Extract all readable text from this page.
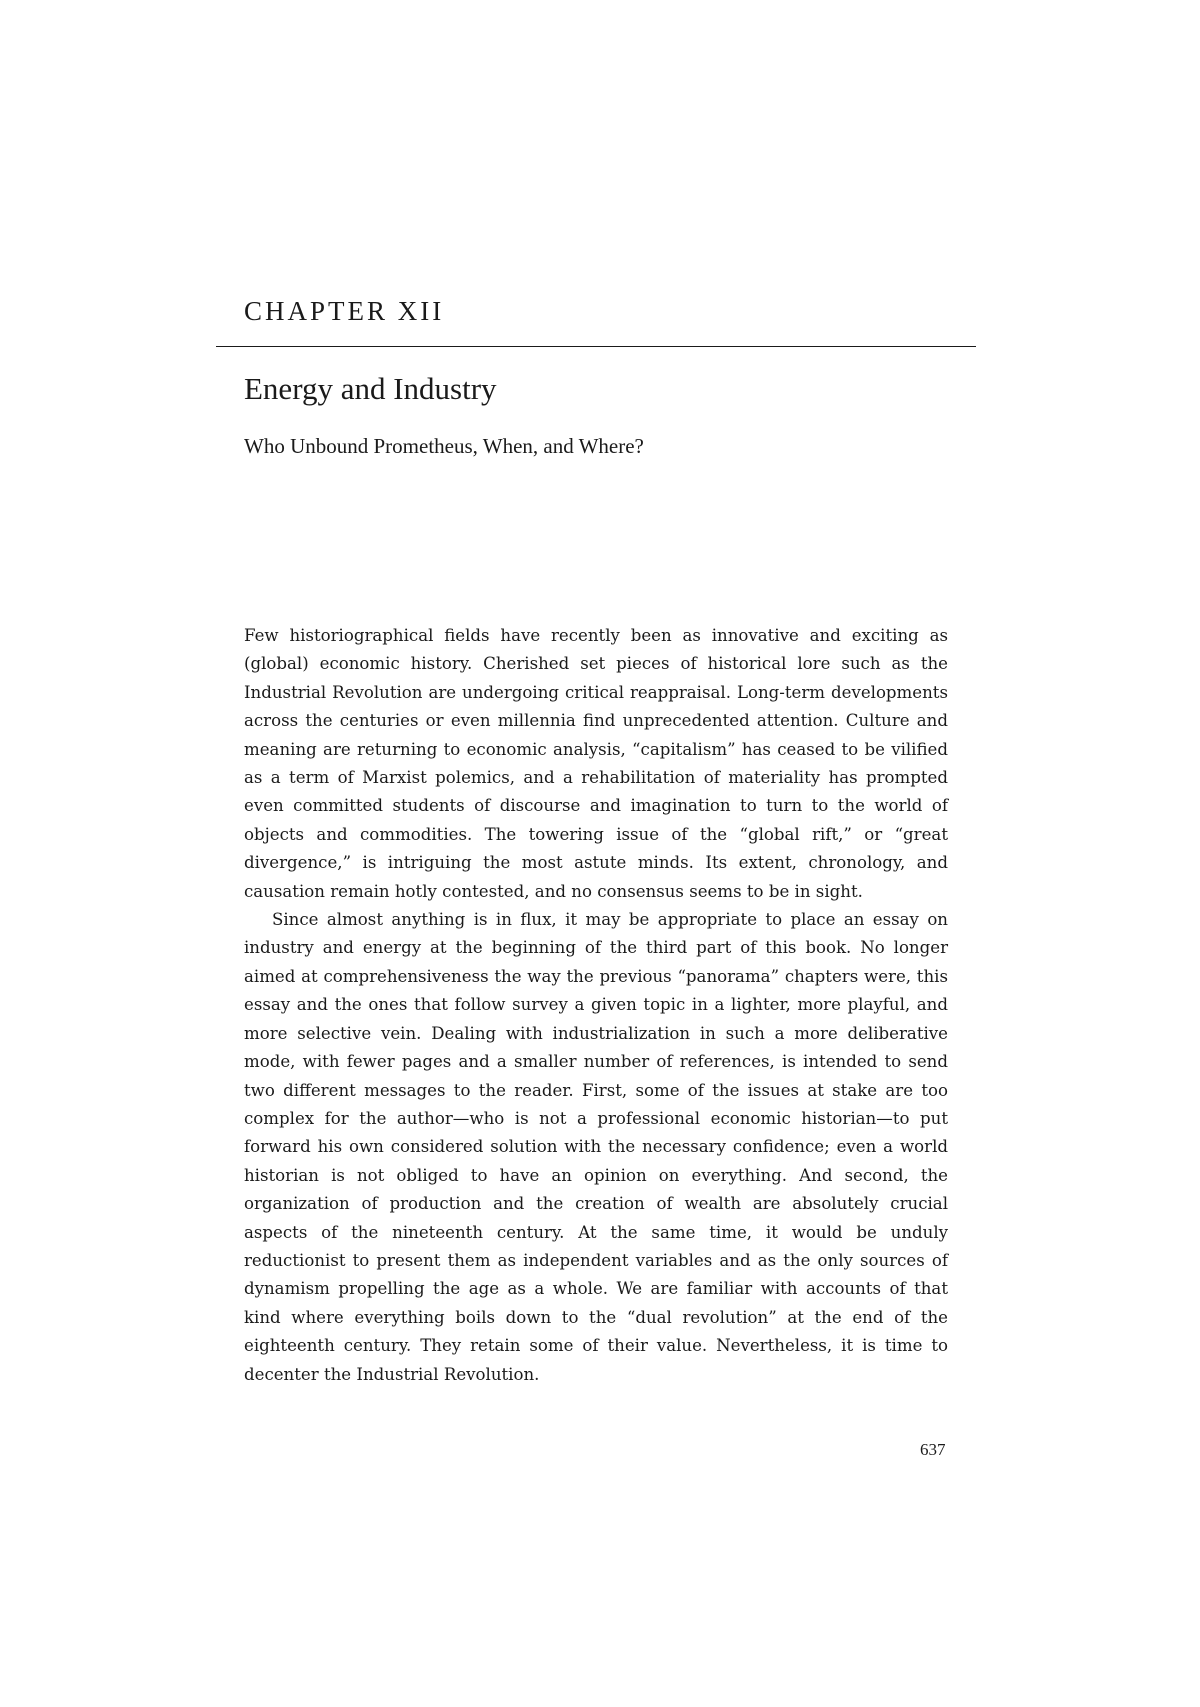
CHAPTER XII
Energy and Industry
Who Unbound Prometheus, When, and Where?

Few historiographical fields have recently been as innovative and exciting as (global) economic history. Cherished set pieces of historical lore such as the Industrial Revolution are undergoing critical reappraisal. Long-term developments across the centuries or even millennia find unprecedented attention. Culture and meaning are returning to economic analysis, “capitalism” has ceased to be vilified as a term of Marxist polemics, and a rehabilitation of materiality has prompted even committed students of discourse and imagination to turn to the world of objects and commodities. The towering issue of the “global rift,” or “great divergence,” is intriguing the most astute minds. Its extent, chronology, and causation remain hotly contested, and no consensus seems to be in sight.

Since almost anything is in flux, it may be appropriate to place an essay on industry and energy at the beginning of the third part of this book. No longer aimed at comprehensiveness the way the previous “panorama” chapters were, this essay and the ones that follow survey a given topic in a lighter, more playful, and more selective vein. Dealing with industrialization in such a more deliberative mode, with fewer pages and a smaller number of references, is intended to send two different messages to the reader. First, some of the issues at stake are too complex for the author—who is not a professional economic historian—to put forward his own considered solution with the necessary confidence; even a world historian is not obliged to have an opinion on everything. And second, the organization of production and the creation of wealth are absolutely crucial aspects of the nineteenth century. At the same time, it would be unduly reductionist to present them as independent variables and as the only sources of dynamism propelling the age as a whole. We are familiar with accounts of that kind where everything boils down to the “dual revolution” at the end of the eighteenth century. They retain some of their value. Nevertheless, it is time to decenter the Industrial Revolution.

637
